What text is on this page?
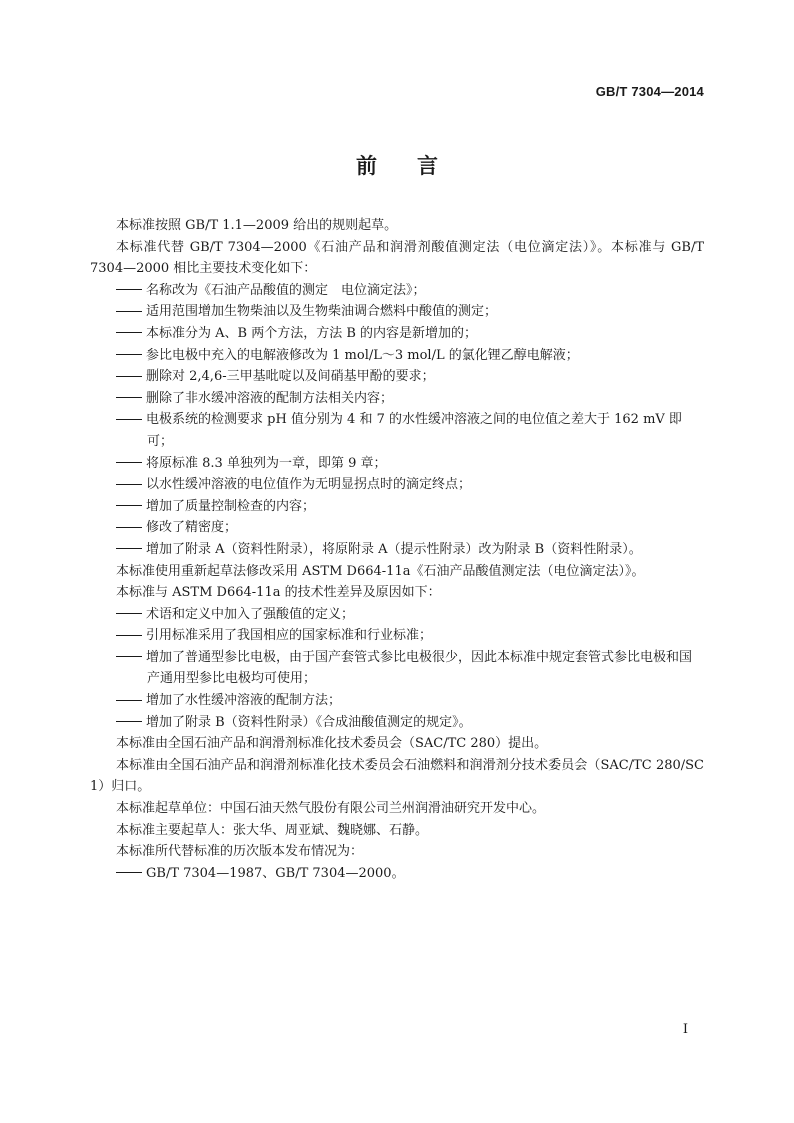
GB/T 7304—2014
前言

本标准按照 GB/T 1.1—2009 给出的规则起草。

本标准代替 GB/T 7304—2000《石油产品和润滑剂酸值测定法（电位滴定法）》。本标准与 GB/T 7304—2000 相比主要技术变化如下：

名称改为《石油产品酸值的测定　电位滴定法》；

适用范围增加生物柴油以及生物柴油调合燃料中酸值的测定；

本标准分为 A、B 两个方法，方法 B 的内容是新增加的；

参比电极中充入的电解液修改为 1 mol/L～3 mol/L 的氯化锂乙醇电解液；

删除对 2,4,6-三甲基吡啶以及间硝基甲酚的要求；

删除了非水缓冲溶液的配制方法相关内容；

电极系统的检测要求 pH 值分别为 4 和 7 的水性缓冲溶液之间的电位值之差大于 162 mV 即可；

将原标准 8.3 单独列为一章，即第 9 章；

以水性缓冲溶液的电位值作为无明显拐点时的滴定终点；

增加了质量控制检查的内容；

修改了精密度；

增加了附录 A（资料性附录），将原附录 A（提示性附录）改为附录 B（资料性附录）。

本标准使用重新起草法修改采用 ASTM D664-11a《石油产品酸值测定法（电位滴定法）》。

本标准与 ASTM D664-11a 的技术性差异及原因如下：

术语和定义中加入了强酸值的定义；

引用标准采用了我国相应的国家标准和行业标准；

增加了普通型参比电极，由于国产套管式参比电极很少，因此本标准中规定套管式参比电极和国产通用型参比电极均可使用；

增加了水性缓冲溶液的配制方法；

增加了附录 B（资料性附录）《合成油酸值测定的规定》。

本标准由全国石油产品和润滑剂标准化技术委员会（SAC/TC 280）提出。

本标准由全国石油产品和润滑剂标准化技术委员会石油燃料和润滑剂分技术委员会（SAC/TC 280/SC 1）归口。

本标准起草单位：中国石油天然气股份有限公司兰州润滑油研究开发中心。

本标准主要起草人：张大华、周亚斌、魏晓娜、石静。

本标准所代替标准的历次版本发布情况为：

GB/T 7304—1987、GB/T 7304—2000。

I
